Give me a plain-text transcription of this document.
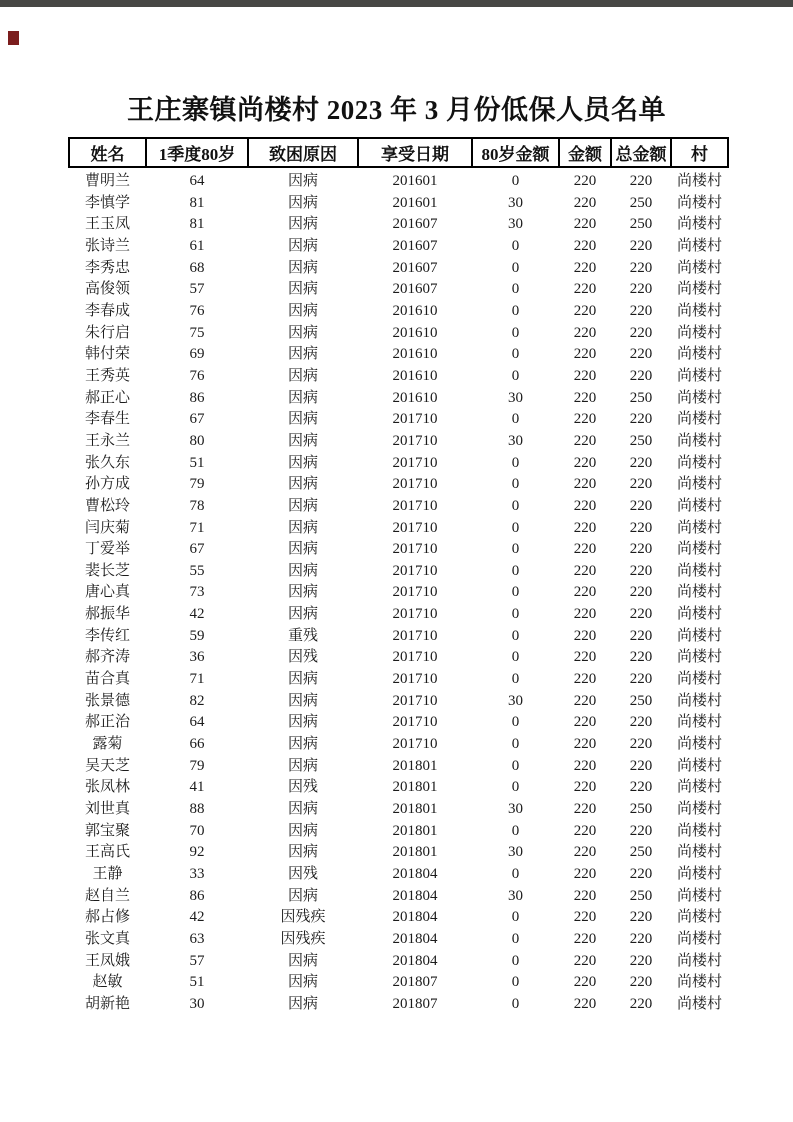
王庄寨镇尚楼村 2023 年 3 月份低保人员名单
姓名	1季度80岁	致困原因	享受日期	80岁金额	金额	总金额	村
曹明兰	64	因病	201601	0	220	220	尚楼村
李慎学	81	因病	201601	30	220	250	尚楼村
王玉凤	81	因病	201607	30	220	250	尚楼村
张诗兰	61	因病	201607	0	220	220	尚楼村
李秀忠	68	因病	201607	0	220	220	尚楼村
高俊领	57	因病	201607	0	220	220	尚楼村
李春成	76	因病	201610	0	220	220	尚楼村
朱行启	75	因病	201610	0	220	220	尚楼村
韩付荣	69	因病	201610	0	220	220	尚楼村
王秀英	76	因病	201610	0	220	220	尚楼村
郝正心	86	因病	201610	30	220	250	尚楼村
李春生	67	因病	201710	0	220	220	尚楼村
王永兰	80	因病	201710	30	220	250	尚楼村
张久东	51	因病	201710	0	220	220	尚楼村
孙方成	79	因病	201710	0	220	220	尚楼村
曹松玲	78	因病	201710	0	220	220	尚楼村
闫庆菊	71	因病	201710	0	220	220	尚楼村
丁爱举	67	因病	201710	0	220	220	尚楼村
裴长芝	55	因病	201710	0	220	220	尚楼村
唐心真	73	因病	201710	0	220	220	尚楼村
郝振华	42	因病	201710	0	220	220	尚楼村
李传红	59	重残	201710	0	220	220	尚楼村
郝齐涛	36	因残	201710	0	220	220	尚楼村
苗合真	71	因病	201710	0	220	220	尚楼村
张景德	82	因病	201710	30	220	250	尚楼村
郝正治	64	因病	201710	0	220	220	尚楼村
露菊	66	因病	201710	0	220	220	尚楼村
吴天芝	79	因病	201801	0	220	220	尚楼村
张凤林	41	因残	201801	0	220	220	尚楼村
刘世真	88	因病	201801	30	220	250	尚楼村
郭宝聚	70	因病	201801	0	220	220	尚楼村
王高氏	92	因病	201801	30	220	250	尚楼村
王静	33	因残	201804	0	220	220	尚楼村
赵自兰	86	因病	201804	30	220	250	尚楼村
郝占修	42	因残疾	201804	0	220	220	尚楼村
张文真	63	因残疾	201804	0	220	220	尚楼村
王凤娥	57	因病	201804	0	220	220	尚楼村
赵敏	51	因病	201807	0	220	220	尚楼村
胡新艳	30	因病	201807	0	220	220	尚楼村
